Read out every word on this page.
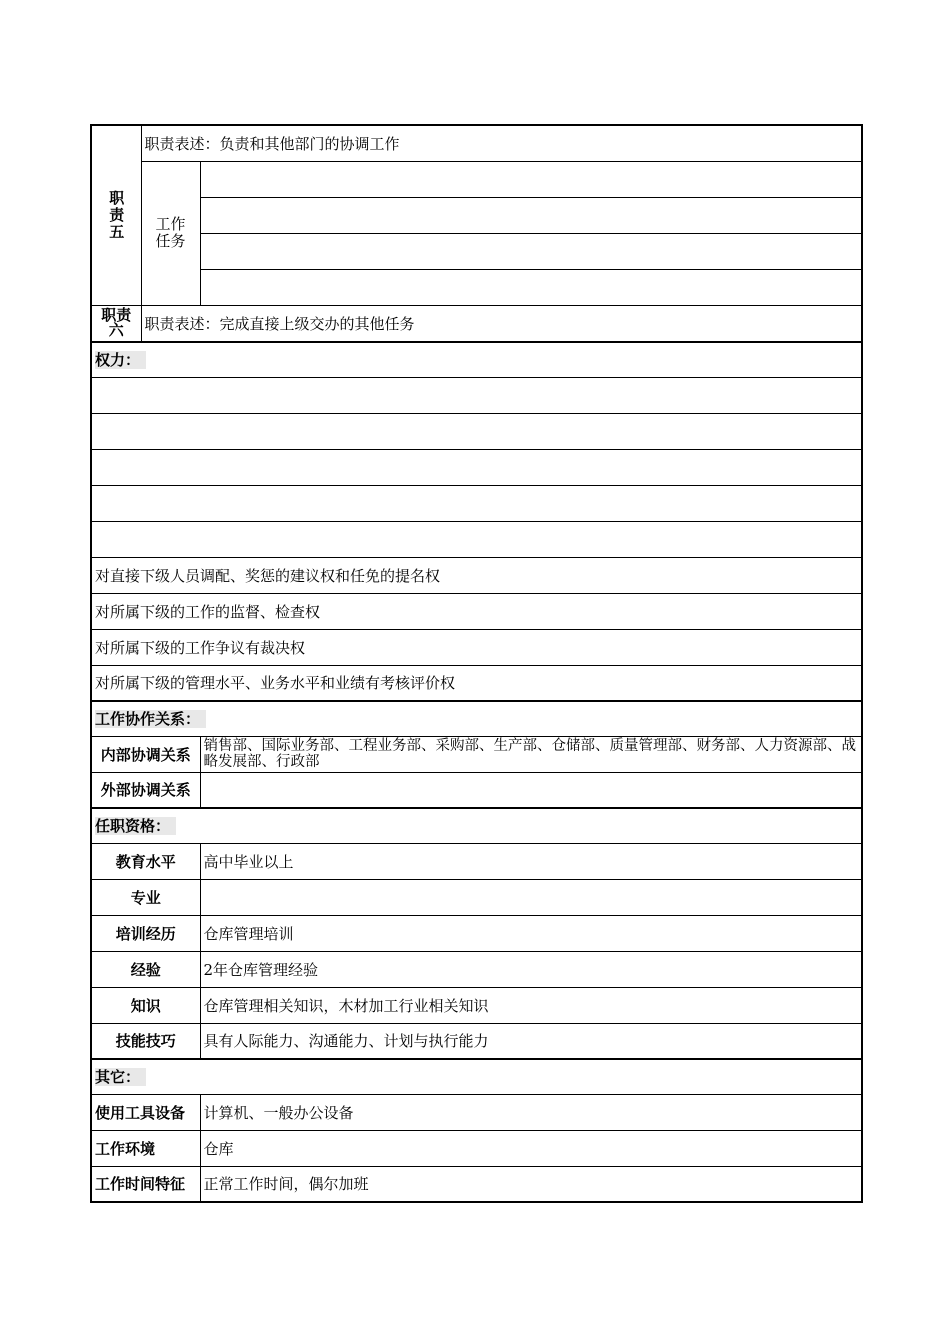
职责五	职责表述：负责和其他部门的协调工作	

	工作任务	

职责六	职责表述：完成直接上级交办的其他任务	
权力：		

对直接下级人员调配、奖惩的建议权和任免的提名权		
对所属下级的工作的监督、检查权		
对所属下级的工作争议有裁决权		
对所属下级的管理水平、业务水平和业绩有考核评价权		
工作协作关系：		
内部协调关系		销售部、国际业务部、工程业务部、采购部、生产部、仓储部、质量管理部、财务部、人力资源部、战略发展部、行政部
外部协调关系		
任职资格：		
教育水平		高中毕业以上
专业		
培训经历		仓库管理培训
经验		2年仓库管理经验
知识		仓库管理相关知识，木材加工行业相关知识
技能技巧		具有人际能力、沟通能力、计划与执行能力
其它：		
使用工具设备		计算机、一般办公设备
工作环境		仓库
工作时间特征		正常工作时间，偶尔加班
